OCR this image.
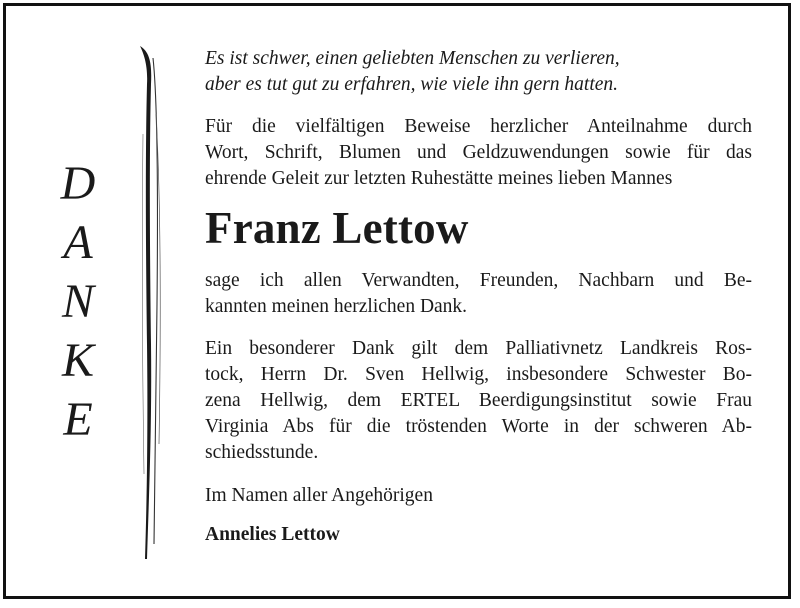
D
A
N
K
E

Es ist schwer, einen geliebten Menschen zu verlieren,
aber es tut gut zu erfahren, wie viele ihn gern hatten.

Für die vielfältigen Beweise herzlicher Anteilnahme durch
Wort, Schrift, Blumen und Geldzuwendungen sowie für das
ehrende Geleit zur letzten Ruhestätte meines lieben Mannes

Franz Lettow

sage ich allen Verwandten, Freunden, Nachbarn und Be-
kannten meinen herzlichen Dank.

Ein besonderer Dank gilt dem Palliativnetz Landkreis Ros-
tock, Herrn Dr. Sven Hellwig, insbesondere Schwester Bo-
zena Hellwig, dem ERTEL Beerdigungsinstitut sowie Frau
Virginia Abs für die tröstenden Worte in der schweren Ab-
schiedsstunde.

Im Namen aller Angehörigen

Annelies Lettow
